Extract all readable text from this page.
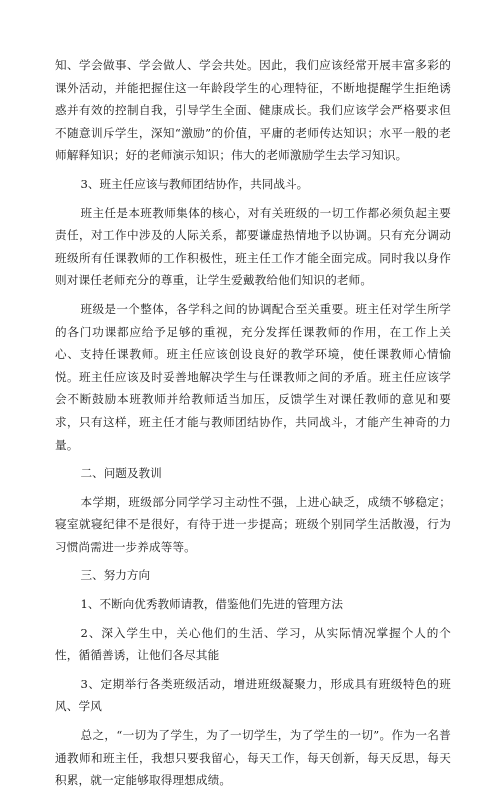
知、学会做事、学会做人、学会共处。因此，我们应该经常开展丰富多彩的课外活动，并能把握住这一年龄段学生的心理特征，不断地提醒学生拒绝诱惑并有效的控制自我，引导学生全面、健康成长。我们应该学会严格要求但不随意训斥学生，深知“激励”的价值，平庸的老师传达知识；水平一般的老师解释知识；好的老师演示知识；伟大的老师激励学生去学习知识。

3、班主任应该与教师团结协作，共同战斗。

班主任是本班教师集体的核心，对有关班级的一切工作都必须负起主要责任，对工作中涉及的人际关系，都要谦虚热情地予以协调。只有充分调动班级所有任课教师的工作积极性，班主任工作才能全面完成。同时我以身作则对课任老师充分的尊重，让学生爱戴教给他们知识的老师。

班级是一个整体，各学科之间的协调配合至关重要。班主任对学生所学的各门功课都应给予足够的重视，充分发挥任课教师的作用，在工作上关心、支持任课教师。班主任应该创设良好的教学环境，使任课教师心情愉悦。班主任应该及时妥善地解决学生与任课教师之间的矛盾。班主任应该学会不断鼓励本班教师并给教师适当加压，反馈学生对课任教师的意见和要求，只有这样，班主任才能与教师团结协作，共同战斗，才能产生神奇的力量。

二、问题及教训

本学期，班级部分同学学习主动性不强，上进心缺乏，成绩不够稳定；寝室就寝纪律不是很好，有待于进一步提高；班级个别同学生活散漫，行为习惯尚需进一步养成等等。

三、努力方向

1、不断向优秀教师请教，借鉴他们先进的管理方法

2、深入学生中，关心他们的生活、学习，从实际情况掌握个人的个性，循循善诱，让他们各尽其能

3、定期举行各类班级活动，增进班级凝聚力，形成具有班级特色的班风、学风

总之，“一切为了学生，为了一切学生，为了学生的一切”。作为一名普通教师和班主任，我想只要我留心，每天工作，每天创新，每天反思，每天积累，就一定能够取得理想成绩。
